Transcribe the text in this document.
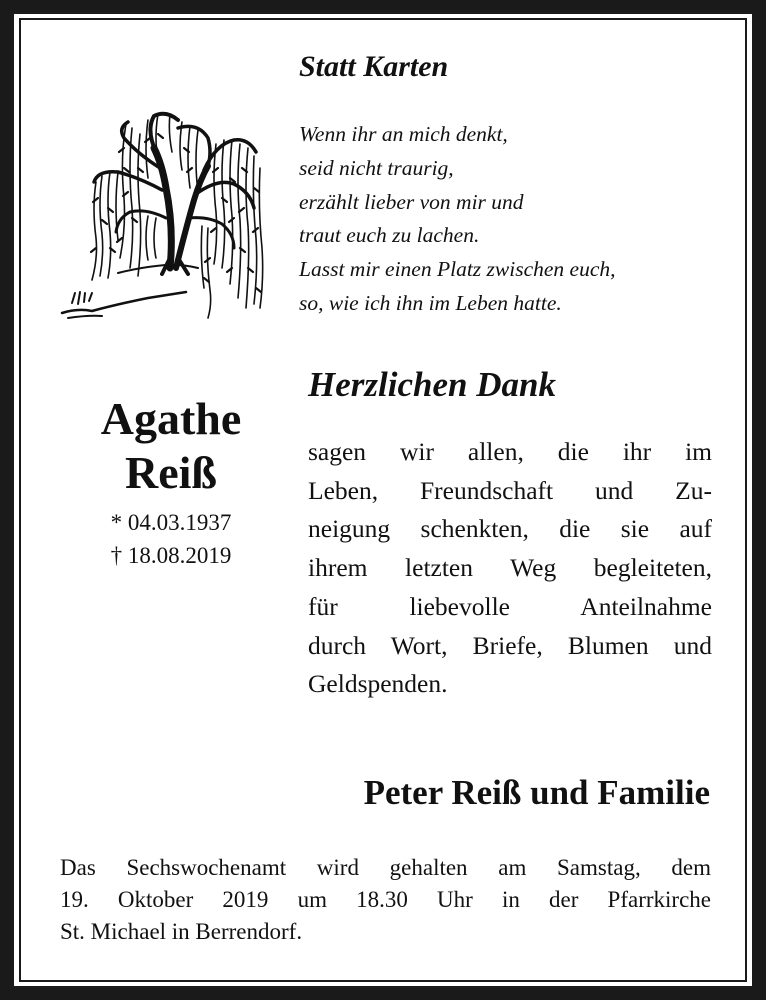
Statt Karten
Wenn ihr an mich denkt,
seid nicht traurig,
erzählt lieber von mir und
traut euch zu lachen.
Lasst mir einen Platz zwischen euch,
so, wie ich ihn im Leben hatte.
Agathe
Reiß
* 04.03.1937
† 18.08.2019
Herzlichen Dank
sagen wir allen, die ihr im
Leben, Freundschaft und Zu-
neigung schenkten, die sie auf
ihrem letzten Weg begleiteten,
für liebevolle Anteilnahme
durch Wort, Briefe, Blumen und
Geldspenden.
Peter Reiß und Familie
Das Sechswochenamt wird gehalten am Samstag, dem
19. Oktober 2019 um 18.30 Uhr in der Pfarrkirche
St. Michael in Berrendorf.
